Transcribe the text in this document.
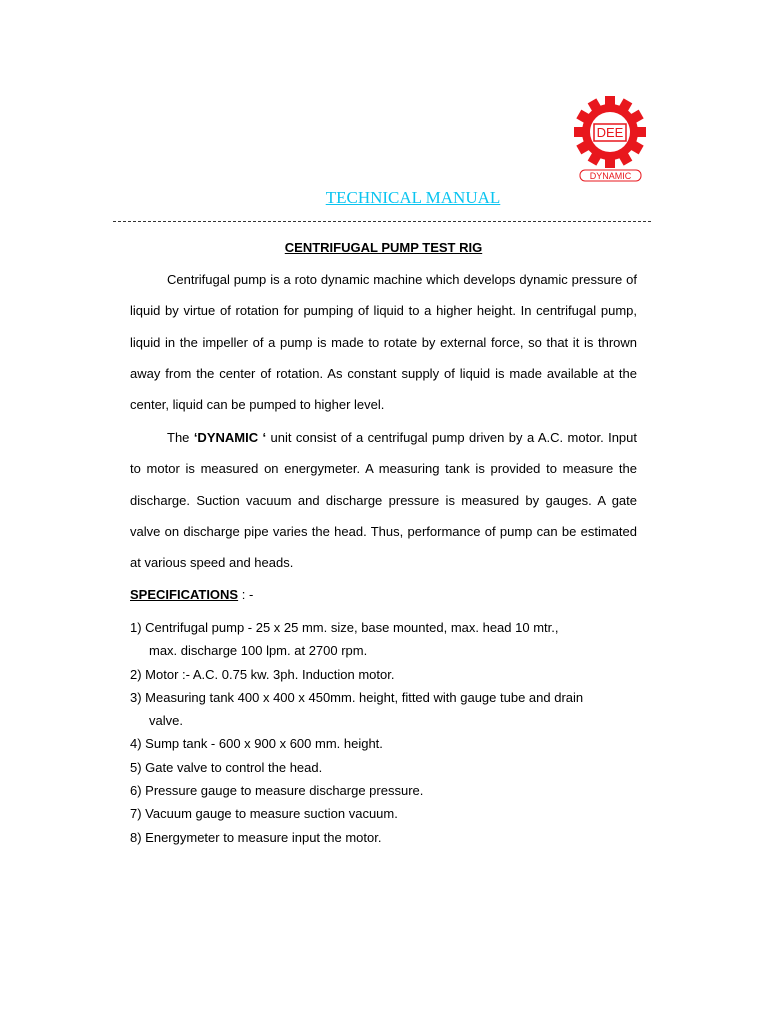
DEE
DYNAMIC
TECHNICAL MANUAL
CENTRIFUGAL PUMP TEST RIG

Centrifugal pump is a roto dynamic machine which develops dynamic pressure of liquid by virtue of rotation for pumping of liquid to a higher height. In centrifugal pump, liquid in the impeller of a pump is made to rotate by external force, so that it is thrown away from the center of rotation. As constant supply of liquid is made available at the center, liquid can be pumped to higher level.

The ‘DYNAMIC ‘ unit consist of a centrifugal pump driven by a A.C. motor. Input to motor is measured on energymeter. A measuring tank is provided to measure the discharge. Suction vacuum and discharge pressure is measured by gauges. A gate valve on discharge pipe varies the head. Thus, performance of pump can be estimated at various speed and heads.

SPECIFICATIONS : -
1) Centrifugal pump - 25 x 25 mm. size, base mounted, max. head 10 mtr.,
max. discharge 100 lpm. at 2700 rpm.
2) Motor :- A.C. 0.75 kw. 3ph. Induction motor.
3) Measuring tank 400 x 400 x 450mm. height, fitted with gauge tube and drain
valve.
4) Sump tank - 600 x 900 x 600 mm. height.
5) Gate valve to control the head.
6) Pressure gauge to measure discharge pressure.
7) Vacuum gauge to measure suction vacuum.
8) Energymeter to measure input the motor.
